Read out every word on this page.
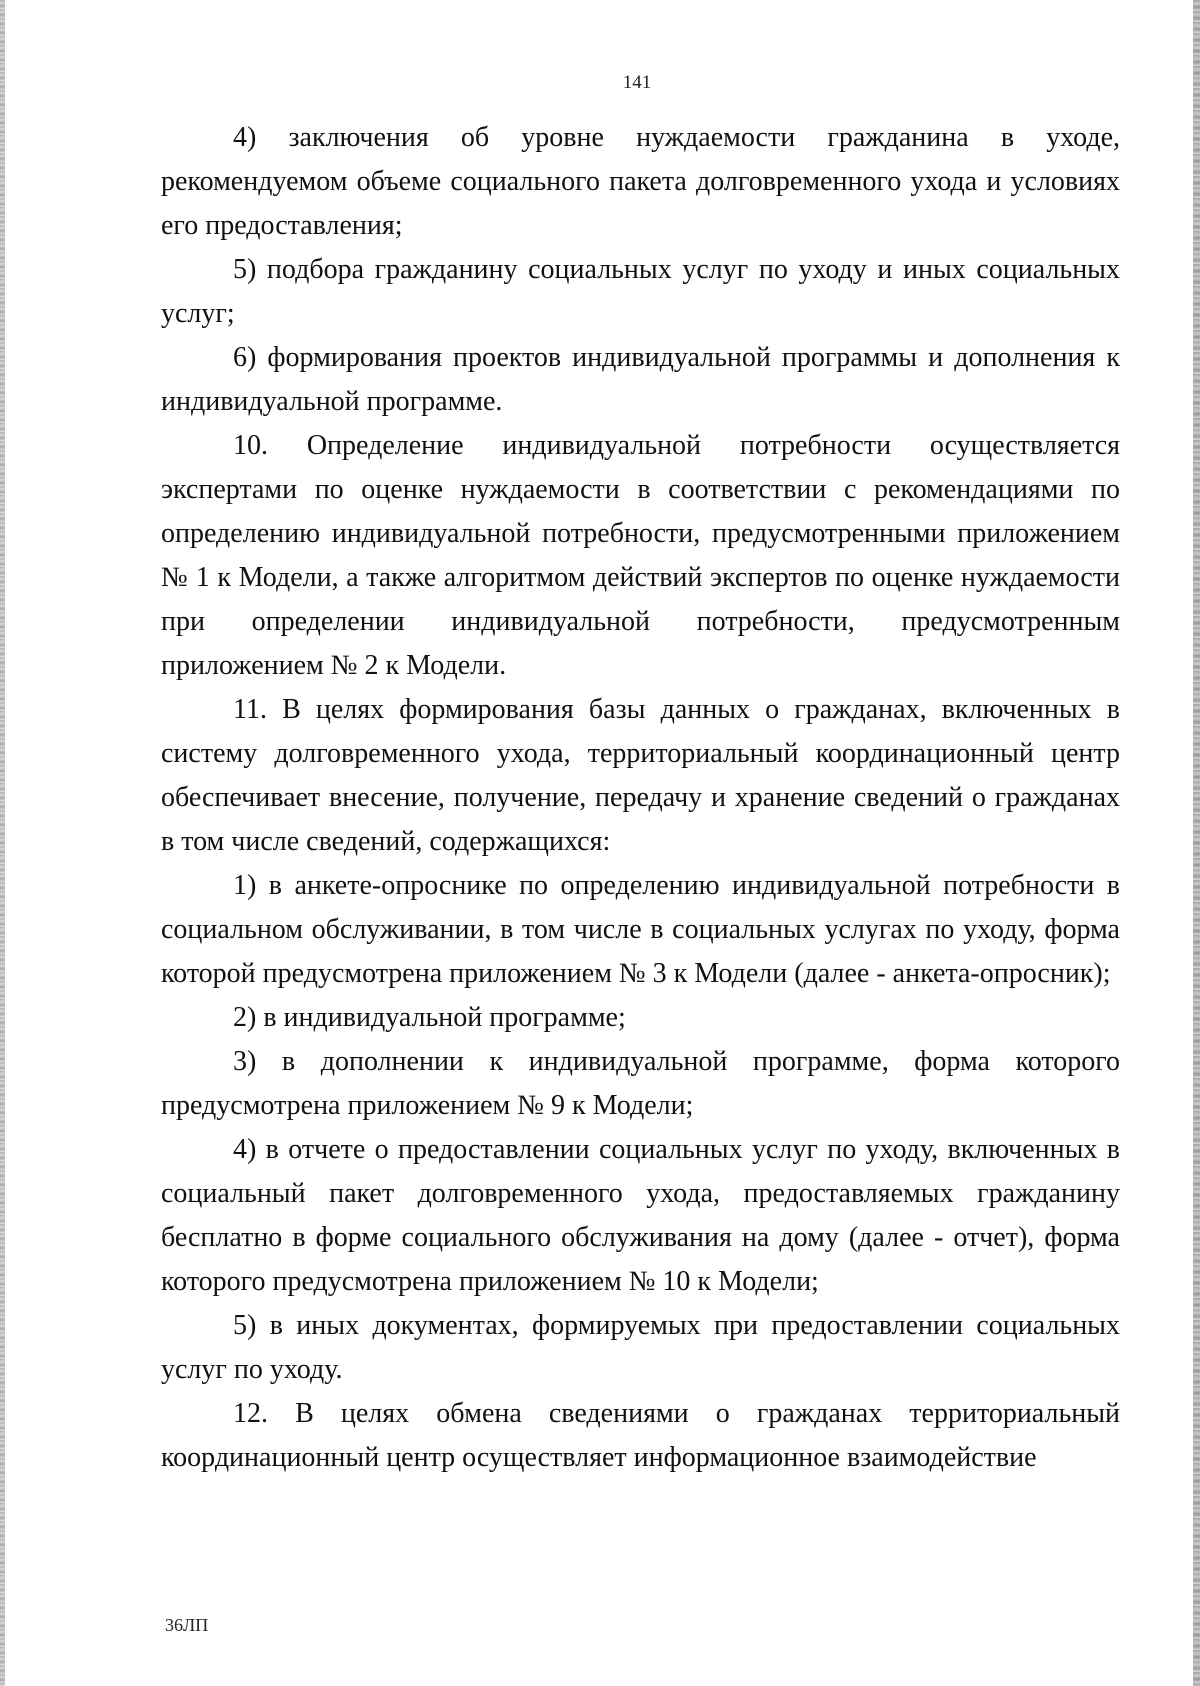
141

4) заключения об уровне нуждаемости гражданина в уходе, рекомендуемом объеме социального пакета долговременного ухода и условиях его предоставления;

5) подбора гражданину социальных услуг по уходу и иных социальных услуг;

6) формирования проектов индивидуальной программы и дополнения к индивидуальной программе.

10. Определение индивидуальной потребности осуществляется экспертами по оценке нуждаемости в соответствии с рекомендациями по определению индивидуальной потребности, предусмотренными приложением № 1 к Модели, а также алгоритмом действий экспертов по оценке нуждаемости при определении индивидуальной потребности, предусмотренным приложением № 2 к Модели.

11. В целях формирования базы данных о гражданах, включенных в систему долговременного ухода, территориальный координационный центр обеспечивает внесение, получение, передачу и хранение сведений о гражданах в том числе сведений, содержащихся:

1) в анкете-опроснике по определению индивидуальной потребности в социальном обслуживании, в том числе в социальных услугах по уходу, форма которой предусмотрена приложением № 3 к Модели (далее - анкета-опросник);

2) в индивидуальной программе;

3) в дополнении к индивидуальной программе, форма которого предусмотрена приложением № 9 к Модели;

4) в отчете о предоставлении социальных услуг по уходу, включенных в социальный пакет долговременного ухода, предоставляемых гражданину бесплатно в форме социального обслуживания на дому (далее - отчет), форма которого предусмотрена приложением № 10 к Модели;

5) в иных документах, формируемых при предоставлении социальных услуг по уходу.

12. В целях обмена сведениями о гражданах территориальный координационный центр осуществляет информационное взаимодействие

36ЛП
